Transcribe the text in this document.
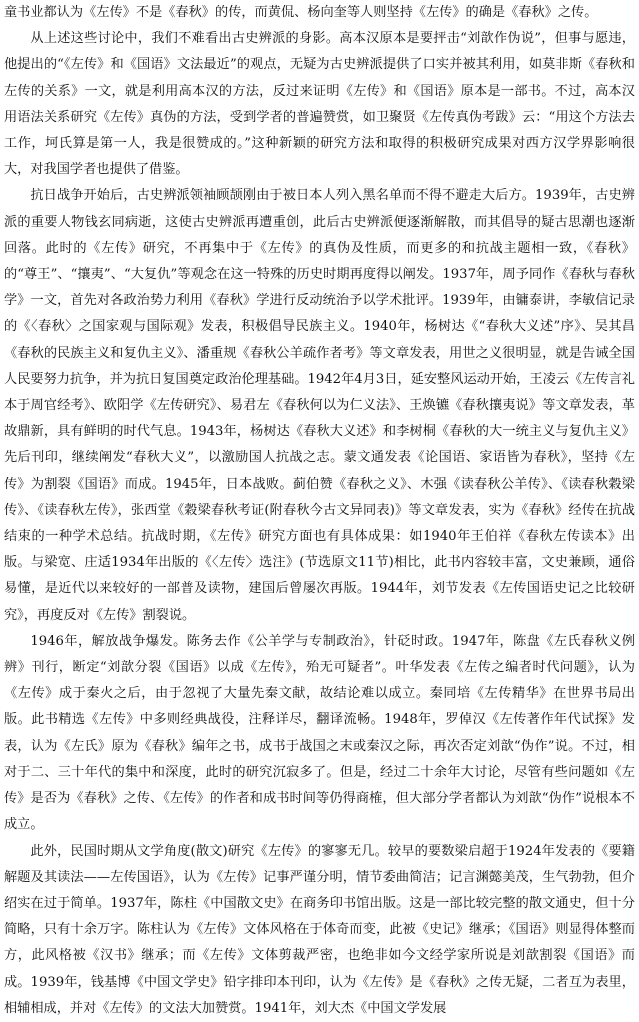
童书业都认为《左传》不是《春秋》的传，而黄侃、杨向奎等人则坚持《左传》的确是《春秋》之传。

从上述这些讨论中，我们不难看出古史辨派的身影。高本汉原本是要抨击“刘歆作伪说”，但事与愿违，他提出的“《左传》和《国语》文法最近”的观点，无疑为古史辨派提供了口实并被其利用，如莫非斯《春秋和左传的关系》一文，就是利用高本汉的方法，反过来证明《左传》和《国语》原本是一部书。不过，高本汉用语法关系研究《左传》真伪的方法，受到学者的普遍赞赏，如卫聚贤《左传真伪考跋》云：“用这个方法去工作，坷氏算是第一人，我是很赞成的。”这种新颖的研究方法和取得的积极研究成果对西方汉学界影响很大，对我国学者也提供了借鉴。

抗日战争开始后，古史辨派领袖顾颉刚由于被日本人列入黑名单而不得不避走大后方。1939年，古史辨派的重要人物钱玄同病逝，这使古史辨派再遭重创，此后古史辨派便逐渐解散，而其倡导的疑古思潮也逐渐回落。此时的《左传》研究，不再集中于《左传》的真伪及性质，而更多的和抗战主题相一致，《春秋》的“尊王”、“攘夷”、“大复仇”等观念在这一特殊的历史时期再度得以阐发。1937年，周予同作《春秋与春秋学》一文，首先对各政治势力利用《春秋》学进行反动统治予以学术批评。1939年，由镛泰讲，李敏信记录的《〈春秋〉之国家观与国际观》发表，积极倡导民族主义。1940年，杨树达《“春秋大义述”序》、吴其昌《春秋的民族主义和复仇主义》、潘重规《春秋公羊疏作者考》等文章发表，用世之义很明显，就是告诫全国人民要努力抗争，并为抗日复国奠定政治伦理基础。1942年4月3日，延安整风运动开始，王凌云《左传言礼本于周官经考》、欧阳学《左传研究》、易君左《春秋何以为仁义法》、王焕镳《春秋攘夷说》等文章发表，革故鼎新，具有鲜明的时代气息。1943年，杨树达《春秋大义述》和李树桐《春秋的大一统主义与复仇主义》先后刊印，继续阐发“春秋大义”，以激励国人抗战之志。蒙文通发表《论国语、家语皆为春秋》，坚持《左传》为割裂《国语》而成。1945年，日本战败。蓟伯赞《春秋之义》、木强《读春秋公羊传》、《读春秋穀梁传》、《读春秋左传》，张西堂《穀梁春秋考证(附春秋今古文异同表)》等文章发表，实为《春秋》经传在抗战结束的一种学术总结。抗战时期，《左传》研究方面也有具体成果：如1940年王伯祥《春秋左传读本》出版。与梁宽、庄适1934年出版的《〈左传〉选注》(节选原文11节)相比，此书内容较丰富，文史兼顾，通俗易懂，是近代以来较好的一部普及读物，建国后曾屡次再版。1944年，刘节发表《左传国语史记之比较研究》，再度反对《左传》割裂说。

1946年，解放战争爆发。陈务去作《公羊学与专制政治》，针砭时政。1947年，陈盘《左氏春秋义例辨》刊行，断定“刘歆分裂《国语》以成《左传》，殆无可疑者”。叶华发表《左传之编者时代问题》，认为《左传》成于秦火之后，由于忽视了大量先秦文献，故结论难以成立。秦同培《左传精华》在世界书局出版。此书精选《左传》中多则经典战役，注释详尽，翻译流畅。1948年，罗倬汉《左传著作年代试探》发表，认为《左氏》原为《春秋》编年之书，成书于战国之末或秦汉之际，再次否定刘歆“伪作”说。不过，相对于二、三十年代的集中和深度，此时的研究沉寂多了。但是，经过二十余年大讨论，尽管有些问题如《左传》是否为《春秋》之传、《左传》的作者和成书时间等仍得商榷，但大部分学者都认为刘歆“伪作”说根本不成立。

此外，民国时期从文学角度(散文)研究《左传》的寥寥无几。较早的要数梁启超于1924年发表的《要籍解题及其读法——左传国语》，认为《左传》记事严谨分明，情节委曲简洁；记言渊懿美茂，生气勃勃，但介绍实在过于简单。1937年，陈柱《中国散文史》在商务印书馆出版。这是一部比较完整的散文通史，但十分简略，只有十余万字。陈柱认为《左传》文体风格在于体奇而变，此被《史记》继承；《国语》则显得体整而方，此风格被《汉书》继承；而《左传》文体剪裁严密，也绝非如今文经学家所说是刘歆割裂《国语》而成。1939年，钱基博《中国文学史》铅字排印本刊印，认为《左传》是《春秋》之传无疑，二者互为表里，相辅相成，并对《左传》的文法大加赞赏。1941年，刘大杰《中国文学发展
